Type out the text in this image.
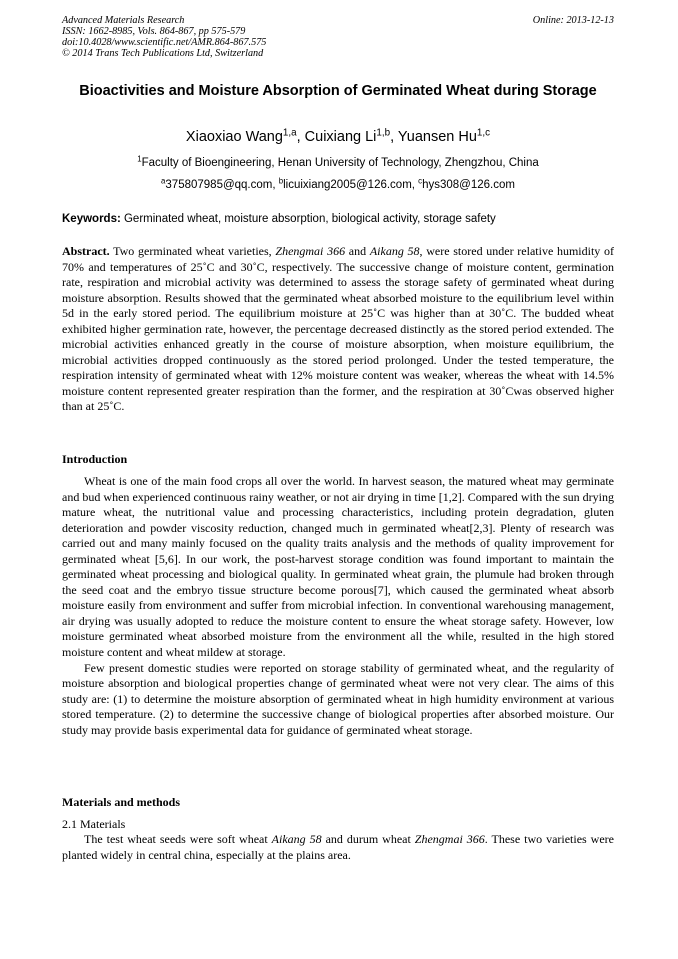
Advanced Materials Research
ISSN: 1662-8985, Vols. 864-867, pp 575-579
doi:10.4028/www.scientific.net/AMR.864-867.575
© 2014 Trans Tech Publications Ltd, Switzerland
Online: 2013-12-13
Bioactivities and Moisture Absorption of Germinated Wheat during Storage
Xiaoxiao Wang$^{1,a}$, Cuixiang Li$^{1,b}$, Yuansen Hu$^{1,c}$
$^1$Faculty of Bioengineering, Henan University of Technology, Zhengzhou, China
$^a$375807985@qq.com, $^b$licuixiang2005@126.com, $^c$hys308@126.com
Keywords: Germinated wheat, moisture absorption, biological activity, storage safety
Abstract. Two germinated wheat varieties, Zhengmai 366 and Aikang 58, were stored under relative humidity of 70% and temperatures of 25˚C and 30˚C, respectively. The successive change of moisture content, germination rate, respiration and microbial activity was determined to assess the storage safety of germinated wheat during moisture absorption. Results showed that the germinated wheat absorbed moisture to the equilibrium level within 5d in the early stored period. The equilibrium moisture at 25˚C was higher than at 30˚C. The budded wheat exhibited higher germination rate, however, the percentage decreased distinctly as the stored period extended. The microbial activities enhanced greatly in the course of moisture absorption, when moisture equilibrium, the microbial activities dropped continuously as the stored period prolonged. Under the tested temperature, the respiration intensity of germinated wheat with 12% moisture content was weaker, whereas the wheat with 14.5% moisture content represented greater respiration than the former, and the respiration at 30˚Cwas observed higher than at 25˚C.
Introduction

Wheat is one of the main food crops all over the world. In harvest season, the matured wheat may germinate and bud when experienced continuous rainy weather, or not air drying in time [1,2]. Compared with the sun drying mature wheat, the nutritional value and processing characteristics, including protein degradation, gluten deterioration and powder viscosity reduction, changed much in germinated wheat[2,3]. Plenty of research was carried out and many mainly focused on the quality traits analysis and the methods of quality improvement for germinated wheat [5,6]. In our work, the post-harvest storage condition was found important to maintain the germinated wheat processing and biological quality. In germinated wheat grain, the plumule had broken through the seed coat and the embryo tissue structure become porous[7], which caused the germinated wheat absorb moisture easily from environment and suffer from microbial infection. In conventional warehousing management, air drying was usually adopted to reduce the moisture content to ensure the wheat storage safety. However, low moisture germinated wheat absorbed moisture from the environment all the while, resulted in the high stored moisture content and wheat mildew at storage.

Few present domestic studies were reported on storage stability of germinated wheat, and the regularity of moisture absorption and biological properties change of germinated wheat were not very clear. The aims of this study are: (1) to determine the moisture absorption of germinated wheat in high humidity environment at various stored temperature. (2) to determine the successive change of biological properties after absorbed moisture. Our study may provide basis experimental data for guidance of germinated wheat storage.

Materials and methods
2.1 Materials

The test wheat seeds were soft wheat Aikang 58 and durum wheat Zhengmai 366. These two varieties were planted widely in central china, especially at the plains area.
